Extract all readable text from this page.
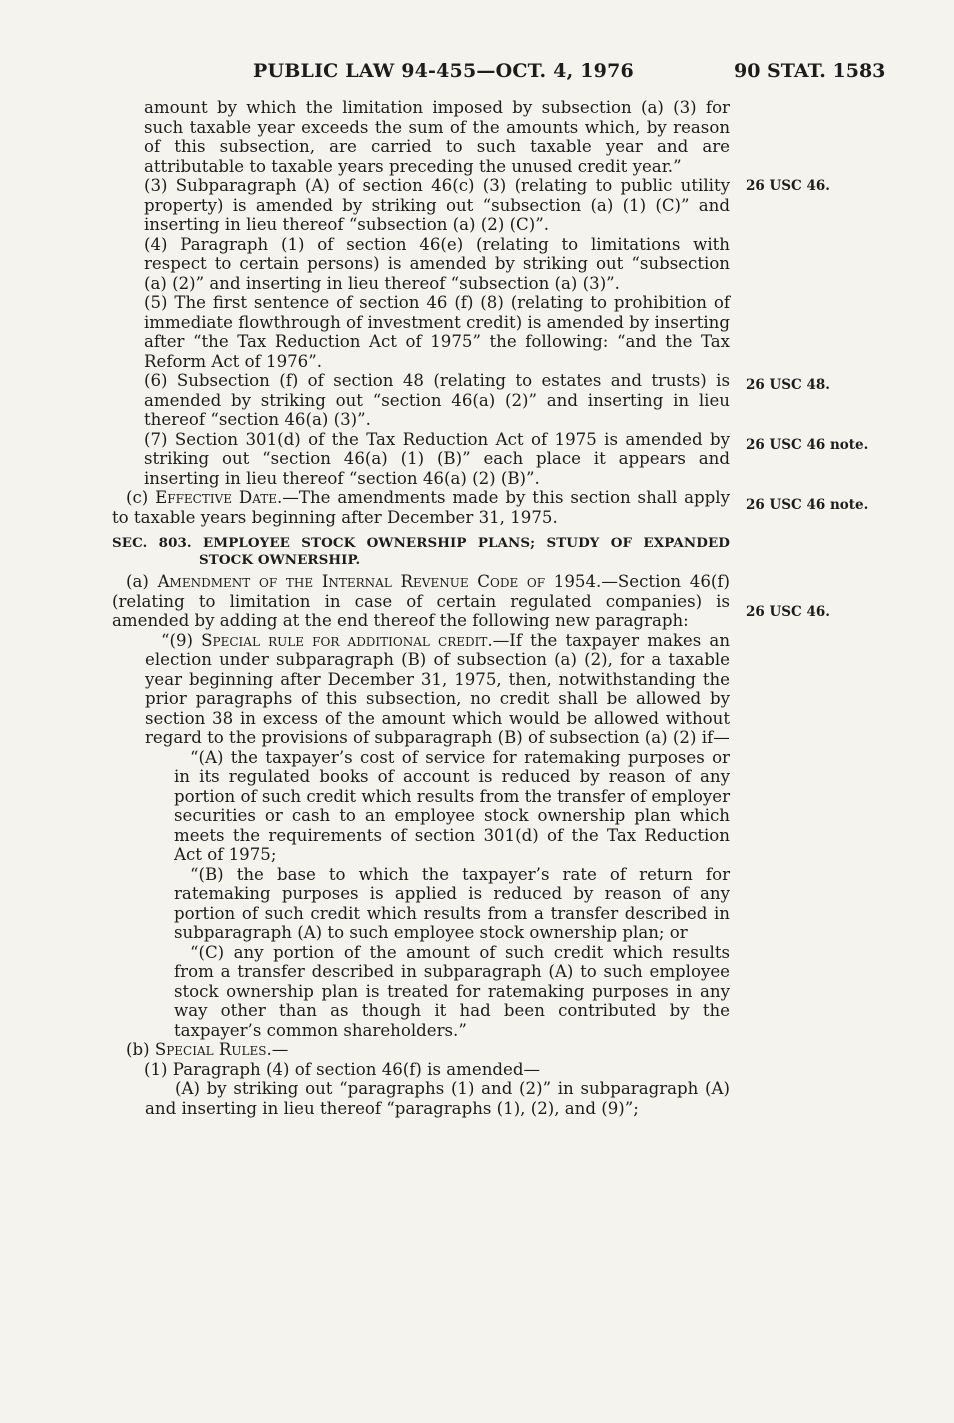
PUBLIC LAW 94-455—OCT. 4, 1976	90 STAT. 1583
26 USC 46.
26 USC 48.
26 USC 46 note.
26 USC 46 note.
26 USC 46.

amount by which the limitation imposed by subsection (a) (3) for such taxable year exceeds the sum of the amounts which, by reason of this subsection, are carried to such taxable year and are attributable to taxable years preceding the unused credit year.”

(3) Subparagraph (A) of section 46(c) (3) (relating to public utility property) is amended by striking out “subsection (a) (1) (C)” and inserting in lieu thereof “subsection (a) (2) (C)”.

(4) Paragraph (1) of section 46(e) (relating to limitations with respect to certain persons) is amended by striking out “subsection (a) (2)” and inserting in lieu thereof “subsection (a) (3)”.

(5) The first sentence of section 46 (f) (8) (relating to prohibition of immediate flowthrough of investment credit) is amended by inserting after “the Tax Reduction Act of 1975” the following: “and the Tax Reform Act of 1976”.

(6) Subsection (f) of section 48 (relating to estates and trusts) is amended by striking out “section 46(a) (2)” and inserting in lieu thereof “section 46(a) (3)”.

(7) Section 301(d) of the Tax Reduction Act of 1975 is amended by striking out “section 46(a) (1) (B)” each place it appears and inserting in lieu thereof “section 46(a) (2) (B)”.

(c) Effective Date.—The amendments made by this section shall apply to taxable years beginning after December 31, 1975.

SEC. 803. EMPLOYEE STOCK OWNERSHIP PLANS; STUDY OF EXPANDED STOCK OWNERSHIP.

(a) Amendment of the Internal Revenue Code of 1954.—Section 46(f) (relating to limitation in case of certain regulated companies) is amended by adding at the end thereof the following new paragraph:

“(9) Special rule for additional credit.—If the taxpayer makes an election under subparagraph (B) of subsection (a) (2), for a taxable year beginning after December 31, 1975, then, notwithstanding the prior paragraphs of this subsection, no credit shall be allowed by section 38 in excess of the amount which would be allowed without regard to the provisions of subparagraph (B) of subsection (a) (2) if—

“(A) the taxpayer’s cost of service for ratemaking purposes or in its regulated books of account is reduced by reason of any portion of such credit which results from the transfer of employer securities or cash to an employee stock ownership plan which meets the requirements of section 301(d) of the Tax Reduction Act of 1975;

“(B) the base to which the taxpayer’s rate of return for ratemaking purposes is applied is reduced by reason of any portion of such credit which results from a transfer described in subparagraph (A) to such employee stock ownership plan; or

“(C) any portion of the amount of such credit which results from a transfer described in subparagraph (A) to such employee stock ownership plan is treated for ratemaking purposes in any way other than as though it had been contributed by the taxpayer’s common shareholders.”

(b) Special Rules.—

(1) Paragraph (4) of section 46(f) is amended—

(A) by striking out “paragraphs (1) and (2)” in subparagraph (A) and inserting in lieu thereof “paragraphs (1), (2), and (9)”;
